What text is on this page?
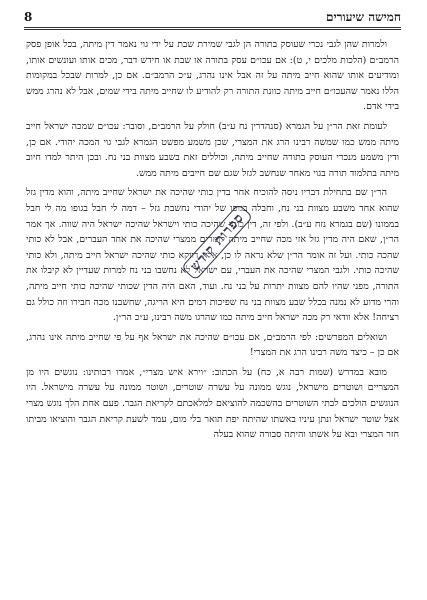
חמישה שיעורים
8

ולמרות שהן לגבי נכרי שעוסק בתורה הן לגבי שמירת שבת על ידי גוי נאמר דין מיתה, בכל אופן פסק הרמב״ם (הלכות מלכים י, ט): אם עכו״ם עסק בתורה או שבת או חידש דבר, מכים אותו ועונשים אותו, ומודיעים אותו שהוא חייב מיתה על זה אבל אינו נהרג, ע״כ הרמב״ם. אם כן, למרות שבכל במקומות הללו נאמר שהעכו״ם חייב מיתה כוונת התורה רק להודיע לו שחייב מיתה בידי שמים, אבל לא נהרג ממש בידי אדם.

לעומת זאת הר״ן על הגמרא (סנהדרין נח ע״ב) חולק על הרמב״ם, וסובר: עכו״ם שמכה ישראל חייב מיתה ממש כמו שמשה רבינו הרג את המצרי, שכן משמע מפשט הגמרא לגבי גוי המכה יהודי. אם כן, ודין משמע מנכרי העוסק בתורה שחייב מיתה, וכוללים זאת בשבע מצוות בני נח. ובכן היתר למדו חיוב מיתה בתלמוד תורה בגוי מאחר שנחשב לגזל שגם שם חייבים מיתה ממש.

הר״ן שם בתחילת דבריו ניסה להוכיח אחר בדין כותי שהיכה את ישראל שחייב מיתה, והוא מדין גזל שהוא אחד משבע מצוות בני נח, וחבלה בגופו של יהודי נחשבת גזל – דמה לי חבל בגופו מה לי חבל בממונו (שם בגמרא נזח ע״ב). ולפי זה, דין כותי שהיכה כותי וישראל שהיכה ישראל היה שווה. אך אמר הר״ן, שאם היה מדין גזל אזי מכה שחייב מיתה לומדים ממצרי שהיכה את אחד העברים, אבל לא כותי שהכה כותי. ועל זה אומר הר״ן שלא נראה לו כן, אלא דווקא כותי שהיכה ישראל חייב מיתה, ולא כותי שהיכה כותי. ולגבי המצרי שהיכה את העברי, עם ישראל לא נחשבו בני נח למרות שעדיין לא קיבלו את התורה, מפני שהיו להם מצוות יתרות על בני נח. ועוד, האם היה הדין שכותי שהיכה כותי חייב מיתה, והרי מדוע לא נמנה בכלל שבע מצוות בני נח שפיכות דמים היא הריגה, שחשבנו מכה חבירו וזה כולל גם רציחה! אלא וודאי רק מכה ישראל חייב מיתה כמו שהרגו משה רבינו, ע״כ הר״ן.

ושואלים המפרשים: לפי הרמב״ם, אם עכו״ם שהיכה את ישראל אף על פי שחייב מיתה אינו נהרג, אם כן – כיצד משה רבינו הרג את המצרי!

מובא במדרש (שמות רבה א, כח) על הכתוב: ״וירא איש מצרי״, אמרו רבותינו: נוגשים היו מן המצריים ושוטרים מישראל, נוגש ממונה על עשרה שוטרים, ושוטר ממונה על עשרה מישראל. היו הנוגשים הולכים לבתי השוטרים בהשכמה להוציאם למלאכתם לקריאת הגבר. פעם אחת הלך נוגש מצרי אצל שוטר ישראל ונתן עיניו באשתו שהיתה יפת תואר בלי מום, עמד לשעת קריאת הגבר והוציאו מביתו חזר המצרי ובא על אשתו והיתה סבורה שהוא בעלה

ספרות קודש
